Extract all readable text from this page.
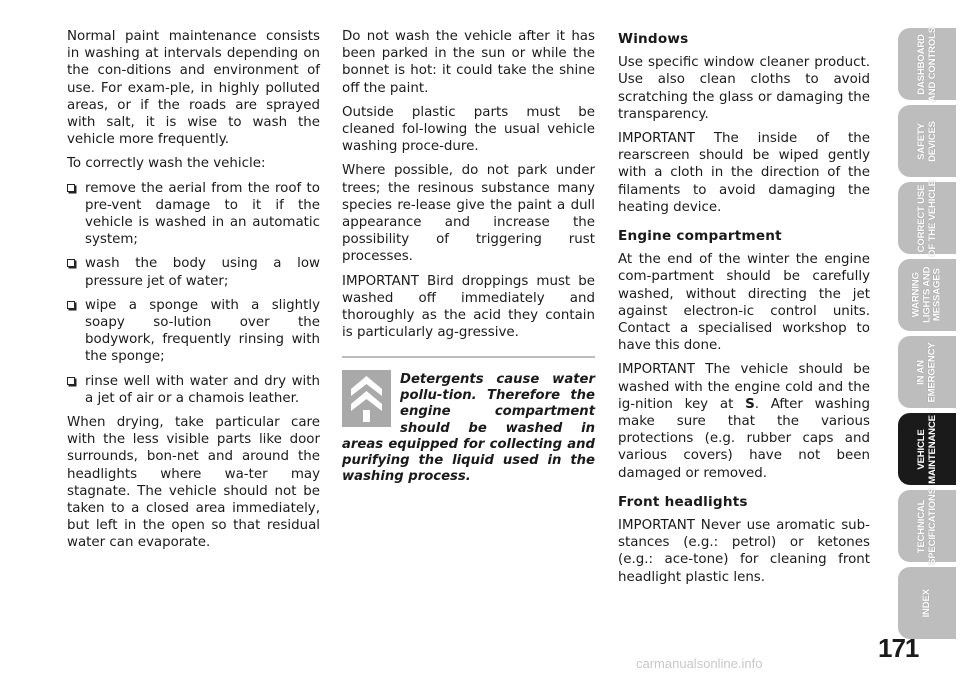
Normal paint maintenance consists in washing at intervals depending on the con-ditions and environment of use. For exam-ple, in highly polluted areas, or if the roads are sprayed with salt, it is wise to wash the vehicle more frequently.

To correctly wash the vehicle:

remove the aerial from the roof to pre-vent damage to it if the vehicle is washed in an automatic system;
wash the body using a low pressure jet of water;
wipe a sponge with a slightly soapy so-lution over the bodywork, frequently rinsing with the sponge;
rinse well with water and dry with a jet of air or a chamois leather.

When drying, take particular care with the less visible parts like door surrounds, bon-net and around the headlights where wa-ter may stagnate. The vehicle should not be taken to a closed area immediately, but left in the open so that residual water can evaporate.

Do not wash the vehicle after it has been parked in the sun or while the bonnet is hot: it could take the shine off the paint.

Outside plastic parts must be cleaned fol-lowing the usual vehicle washing proce-dure.

Where possible, do not park under trees; the resinous substance many species re-lease give the paint a dull appearance and increase the possibility of triggering rust processes.

IMPORTANT Bird droppings must be washed off immediately and thoroughly as the acid they contain is particularly ag-gressive.

Detergents cause water pollu-tion. Therefore the engine compartment should be washed in areas equipped for collecting and purifying the liquid used in the washing process.
Windows

Use specific window cleaner product. Use also clean cloths to avoid scratching the glass or damaging the transparency.

IMPORTANT The inside of the rearscreen should be wiped gently with a cloth in the direction of the filaments to avoid damaging the heating device.

Engine compartment

At the end of the winter the engine com-partment should be carefully washed, without directing the jet against electron-ic control units. Contact a specialised workshop to have this done.

IMPORTANT The vehicle should be washed with the engine cold and the ig-nition key at S. After washing make sure that the various protections (e.g. rubber caps and various covers) have not been damaged or removed.

Front headlights

IMPORTANT Never use aromatic sub-stances (e.g.: petrol) or ketones (e.g.: ace-tone) for cleaning front headlight plastic lens.

DASHBOARD
AND CONTROLS
SAFETY
DEVICES
CORRECT USE
OF THE VEHICLE
WARNING
LIGHTS AND
MESSAGES
IN AN
EMERGENCY
VEHICLE
MAINTENANCE
TECHNICAL
SPECIFICATIONS
INDEX
171
carmanualsonline.info
